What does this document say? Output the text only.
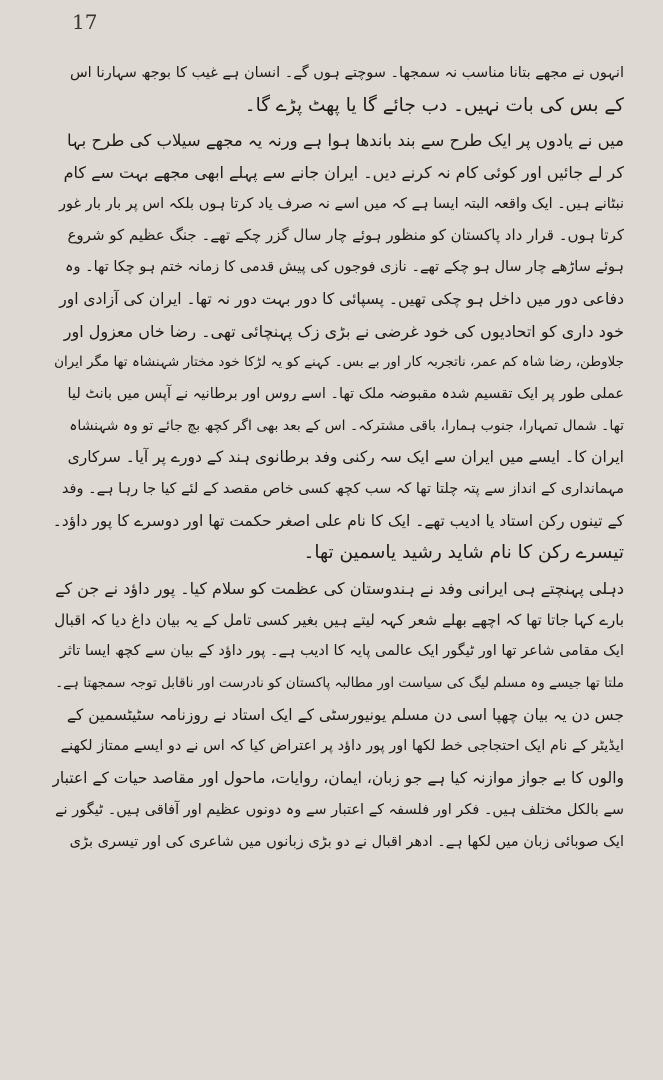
17
انہوں نے مجھے بتانا مناسب نہ سمجھا۔ سوچتے ہوں گے۔ انسان ہے غیب کا بوجھ سہارنا اس
کے بس کی بات نہیں۔ دب جائے گا یا پھٹ پڑے گا۔
میں نے یادوں پر ایک طرح سے بند باندھا ہوا ہے ورنہ یہ مجھے سیلاب کی طرح بہا
کر لے جائیں اور کوئی کام نہ کرنے دیں۔ ایران جانے سے پہلے ابھی مجھے بہت سے کام
نبٹانے ہیں۔ ایک واقعہ البتہ ایسا ہے کہ میں اسے نہ صرف یاد کرتا ہوں بلکہ اس پر بار بار غور
کرتا ہوں۔ قرار داد پاکستان کو منظور ہوئے چار سال گزر چکے تھے۔ جنگ عظیم کو شروع
ہوئے ساڑھے چار سال ہو چکے تھے۔ نازی فوجوں کی پیش قدمی کا زمانہ ختم ہو چکا تھا۔ وہ
دفاعی دور میں داخل ہو چکی تھیں۔ پسپائی کا دور بہت دور نہ تھا۔ ایران کی آزادی اور
خود داری کو اتحادیوں کی خود غرضی نے بڑی زک پہنچائی تھی۔ رضا خاں معزول اور
جلاوطن، رضا شاہ کم عمر، ناتجربہ کار اور بے بس۔ کہنے کو یہ لڑکا خود مختار شہنشاہ تھا مگر ایران
عملی طور پر ایک تقسیم شدہ مقبوضہ ملک تھا۔ اسے روس اور برطانیہ نے آپس میں بانٹ لیا
تھا۔ شمال تمہارا، جنوب ہمارا، باقی مشترکہ۔ اس کے بعد بھی اگر کچھ بچ جائے تو وہ شہنشاہ
ایران کا۔ ایسے میں ایران سے ایک سہ رکنی وفد برطانوی ہند کے دورے پر آیا۔ سرکاری
مہمانداری کے انداز سے پتہ چلتا تھا کہ سب کچھ کسی خاص مقصد کے لئے کیا جا رہا ہے۔ وفد
کے تینوں رکن استاد یا ادیب تھے۔ ایک کا نام علی اصغر حکمت تھا اور دوسرے کا پور داؤد۔
تیسرے رکن کا نام شاید رشید یاسمین تھا۔
دہلی پہنچتے ہی ایرانی وفد نے ہندوستان کی عظمت کو سلام کیا۔ پور داؤد نے جن کے
بارے کہا جاتا تھا کہ اچھے بھلے شعر کہہ لیتے ہیں بغیر کسی تامل کے یہ بیان داغ دیا کہ اقبال
ایک مقامی شاعر تھا اور ٹیگور ایک عالمی پایہ کا ادیب ہے۔ پور داؤد کے بیان سے کچھ ایسا تاثر
ملتا تھا جیسے وہ مسلم لیگ کی سیاست اور مطالبہ پاکستان کو نادرست اور ناقابل توجہ سمجھتا ہے۔
جس دن یہ بیان چھپا اسی دن مسلم یونیورسٹی کے ایک استاد نے روزنامہ سٹیٹسمین کے
ایڈیٹر کے نام ایک احتجاجی خط لکھا اور پور داؤد پر اعتراض کیا کہ اس نے دو ایسے ممتاز لکھنے
والوں کا بے جواز موازنہ کیا ہے جو زبان، ایمان، روایات، ماحول اور مقاصد حیات کے اعتبار
سے بالکل مختلف ہیں۔ فکر اور فلسفہ کے اعتبار سے وہ دونوں عظیم اور آفاقی ہیں۔ ٹیگور نے
ایک صوبائی زبان میں لکھا ہے۔ ادھر اقبال نے دو بڑی زبانوں میں شاعری کی اور تیسری بڑی
